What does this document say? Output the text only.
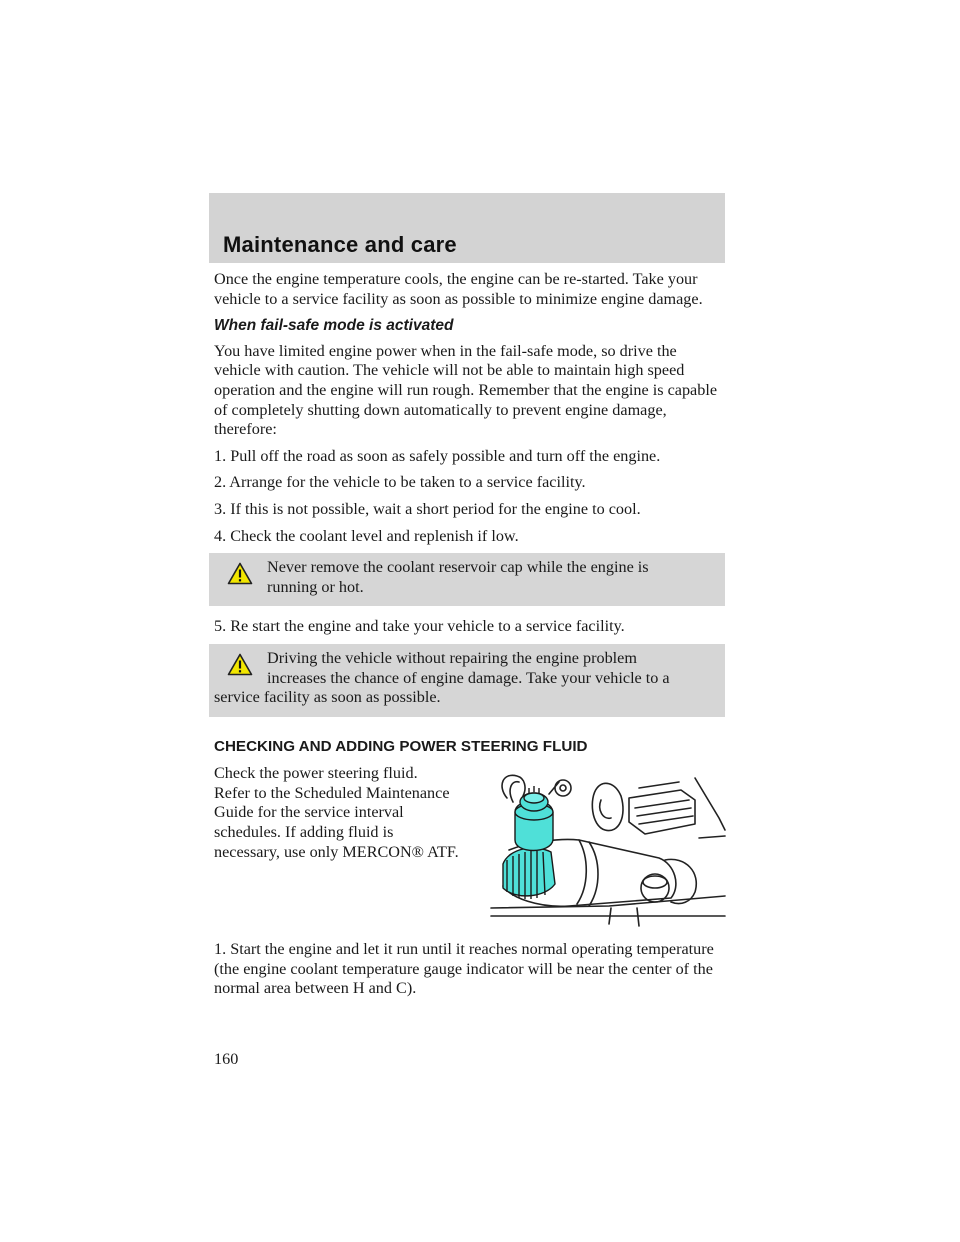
Maintenance and care

Once the engine temperature cools, the engine can be re-started. Take your vehicle to a service facility as soon as possible to minimize engine damage.

When fail-safe mode is activated

You have limited engine power when in the fail-safe mode, so drive the vehicle with caution. The vehicle will not be able to maintain high speed operation and the engine will run rough. Remember that the engine is capable of completely shutting down automatically to prevent engine damage, therefore:

1. Pull off the road as soon as safely possible and turn off the engine.

2. Arrange for the vehicle to be taken to a service facility.

3. If this is not possible, wait a short period for the engine to cool.

4. Check the coolant level and replenish if low.

Never remove the coolant reservoir cap while the engine is

running or hot.

5. Re start the engine and take your vehicle to a service facility.

Driving the vehicle without repairing the engine problem

increases the chance of engine damage. Take your vehicle to a

service facility as soon as possible.

CHECKING AND ADDING POWER STEERING FLUID

Check the power steering fluid.

Refer to the Scheduled Maintenance

Guide for the service interval

schedules. If adding fluid is

necessary, use only MERCON® ATF.

1. Start the engine and let it run until it reaches normal operating temperature (the engine coolant temperature gauge indicator will be near the center of the normal area between H and C).

160
